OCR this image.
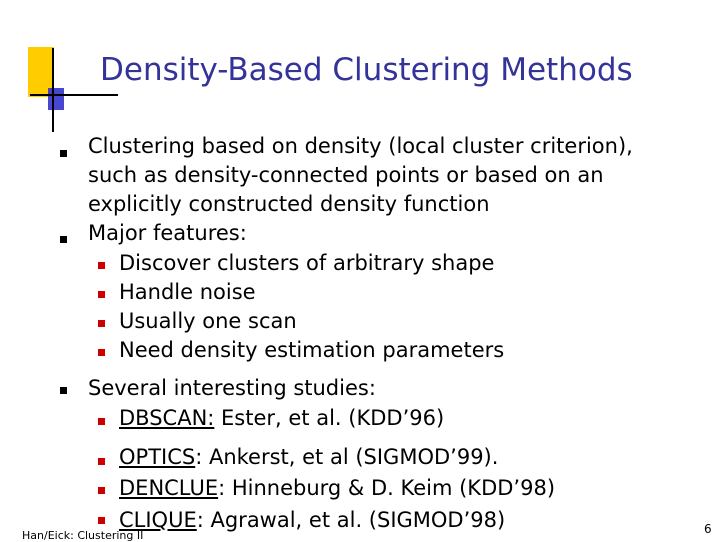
Density-Based Clustering Methods
Clustering based on density (local cluster criterion),
such as density-connected points or based on an
explicitly constructed density function
Major features:
Discover clusters of arbitrary shape
Handle noise
Usually one scan
Need density estimation parameters
Several interesting studies:
DBSCAN: Ester, et al. (KDD’96)
OPTICS: Ankerst, et al (SIGMOD’99).
DENCLUE: Hinneburg & D. Keim (KDD’98)
CLIQUE: Agrawal, et al. (SIGMOD’98)
Han/Eick: Clustering II	6
